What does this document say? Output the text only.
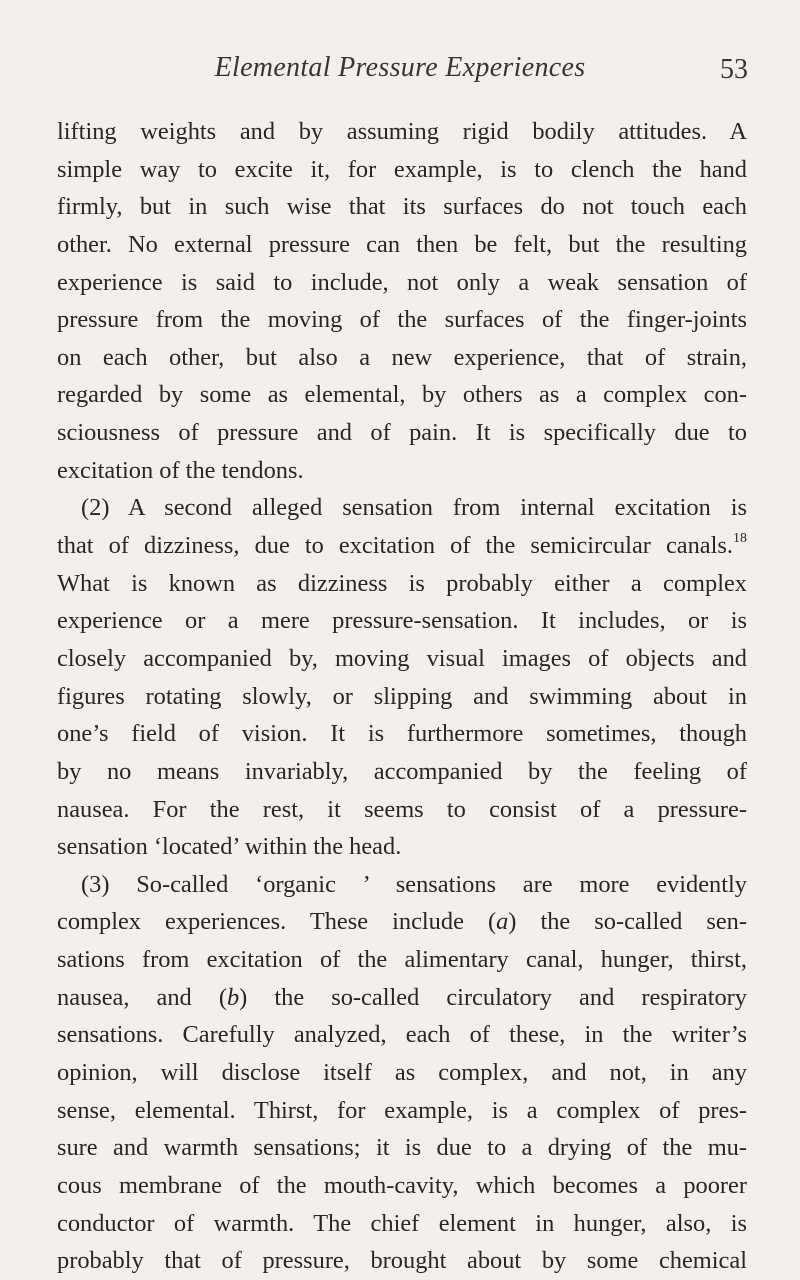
Elemental Pressure Experiences	53
lifting weights and by assuming rigid bodily attitudes. A
simple way to excite it, for example, is to clench the hand
firmly, but in such wise that its surfaces do not touch each
other. No external pressure can then be felt, but the resulting
experience is said to include, not only a weak sensation of
pressure from the moving of the surfaces of the finger-joints
on each other, but also a new experience, that of strain,
regarded by some as elemental, by others as a complex con-
sciousness of pressure and of pain. It is specifically due to
excitation of the tendons.
(2) A second alleged sensation from internal excitation is
that of dizziness, due to excitation of the semicircular canals.$^{18}$
What is known as dizziness is probably either a complex
experience or a mere pressure-sensation. It includes, or is
closely accompanied by, moving visual images of objects and
figures rotating slowly, or slipping and swimming about in
one’s field of vision. It is furthermore sometimes, though
by no means invariably, accompanied by the feeling of
nausea. For the rest, it seems to consist of a pressure-
sensation ‘located’ within the head.
(3) So-called ‘organic ’ sensations are more evidently
complex experiences. These include (a) the so-called sen-
sations from excitation of the alimentary canal, hunger, thirst,
nausea, and (b) the so-called circulatory and respiratory
sensations. Carefully analyzed, each of these, in the writer’s
opinion, will disclose itself as complex, and not, in any
sense, elemental. Thirst, for example, is a complex of pres-
sure and warmth sensations; it is due to a drying of the mu-
cous membrane of the mouth-cavity, which becomes a poorer
conductor of warmth. The chief element in hunger, also, is
probably that of pressure, brought about by some chemical
